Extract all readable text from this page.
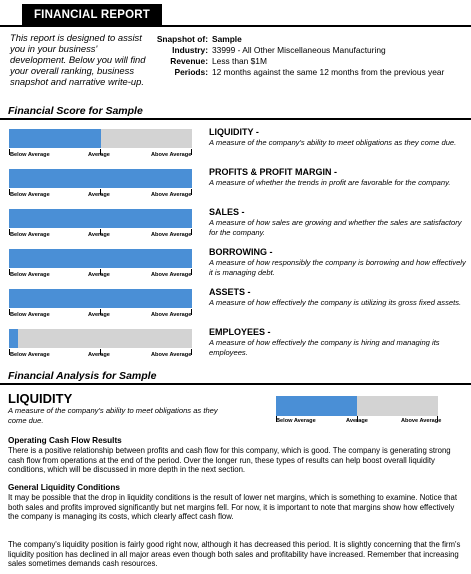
FINANCIAL REPORT
This report is designed to assist you in your business' development. Below you will find your overall ranking, business snapshot and narrative write-up.
Snapshot of: Sample
Industry: 33999 - All Other Miscellaneous Manufacturing
Revenue: Less than $1M
Periods: 12 months against the same 12 months from the previous year
Financial Score for Sample
Below Average	Average	Above Average
LIQUIDITY -
A measure of the company's ability to meet obligations as they come due.
Below Average	Average	Above Average
PROFITS & PROFIT MARGIN -
A measure of whether the trends in profit are favorable for the company.
Below Average	Average	Above Average
SALES -
A measure of how sales are growing and whether the sales are satisfactory for the company.
Below Average	Average	Above Average
BORROWING -
A measure of how responsibly the company is borrowing and how effectively it is managing debt.
Below Average	Average	Above Average
ASSETS -
A measure of how effectively the company is utilizing its gross fixed assets.
Below Average	Average	Above Average
EMPLOYEES -
A measure of how effectively the company is hiring and managing its employees.
Financial Analysis for Sample
LIQUIDITY
A measure of the company's ability to meet obligations as they come due.	Below Average	Average	Above Average
Operating Cash Flow Results
There is a positive relationship between profits and cash flow for this company, which is good. The company is generating strong cash flow from operations at the end of the period. Over the longer run, these types of results can help boost overall liquidity conditions, which will be discussed in more depth in the next section.
General Liquidity Conditions
It may be possible that the drop in liquidity conditions is the result of lower net margins, which is something to examine. Notice that both sales and profits improved significantly but net margins fell. For now, it is important to note that margins show how effectively the company is managing its costs, which clearly affect cash flow.
The company's liquidity position is fairly good right now, although it has decreased this period. It is slightly concerning that the firm's liquidity position has declined in all major areas even though both sales and profitability have increased. Remember that increasing sales sometimes demands cash resources.
